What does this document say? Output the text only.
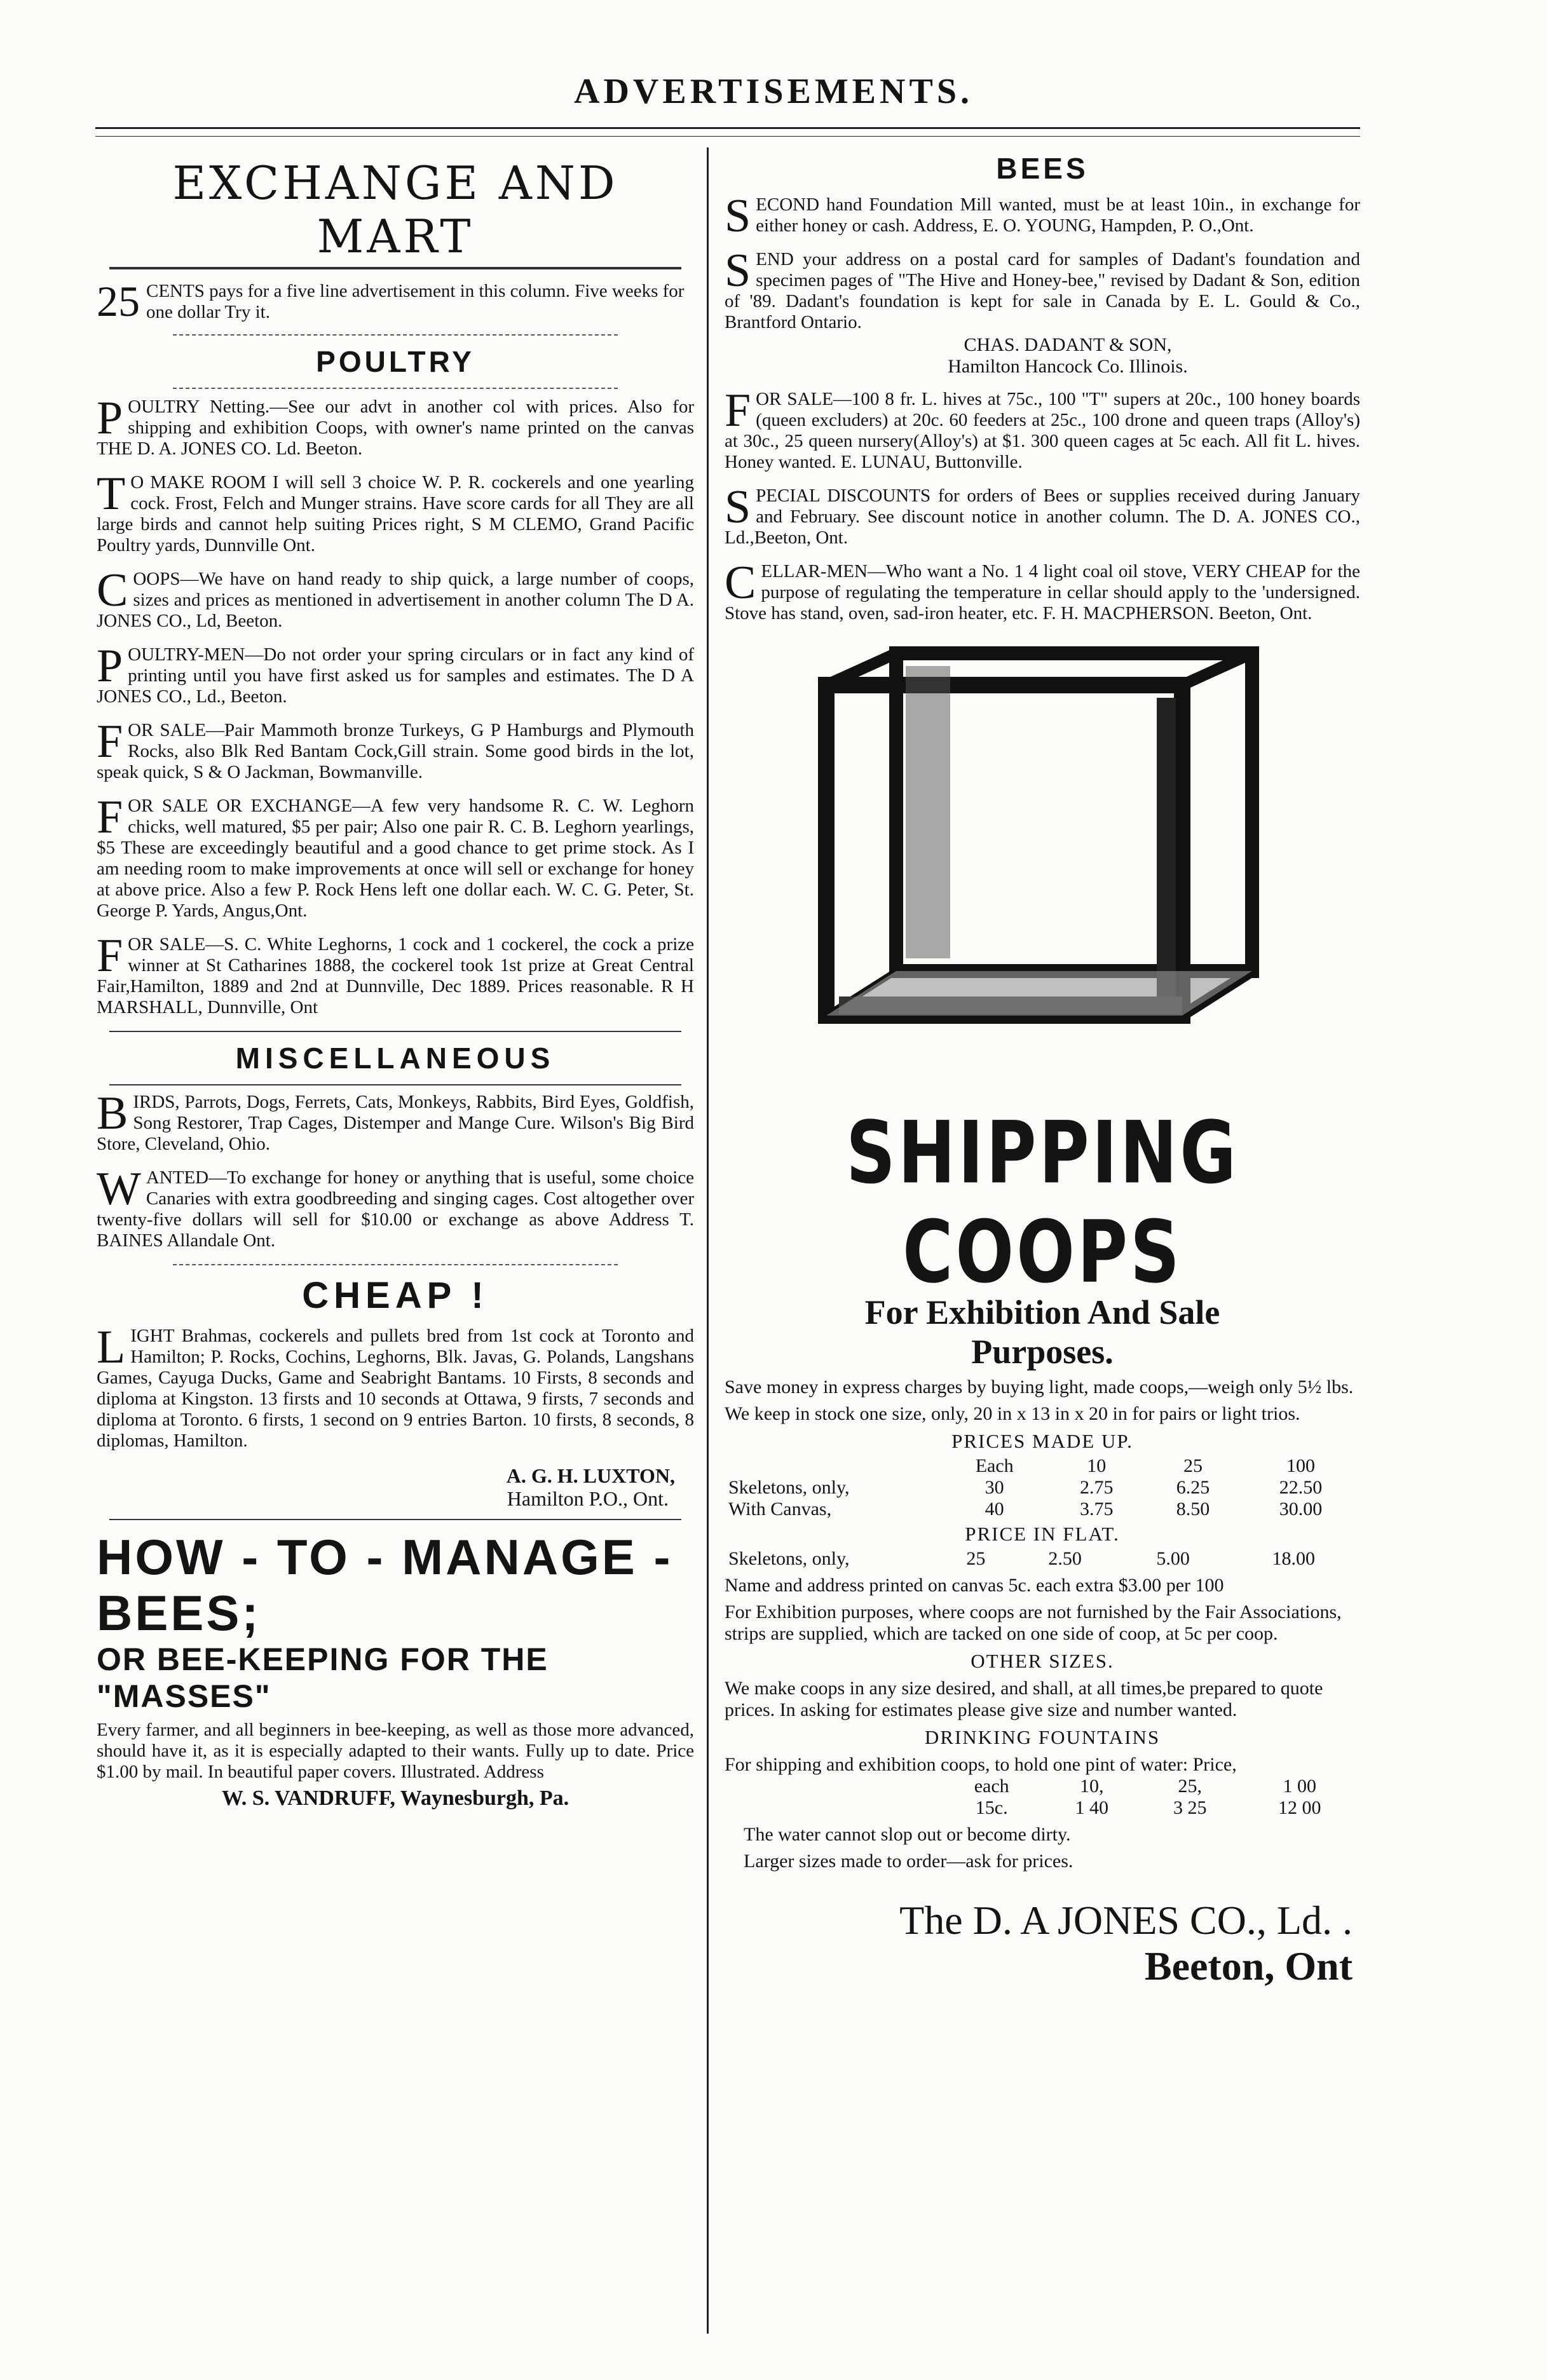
ADVERTISEMENTS.
EXCHANGE AND MART
25 CENTS pays for a five line advertisement in this column. Five weeks for one dollar Try it.
POULTRY
POULTRY Netting.—See our advt in another col with prices. Also for shipping and exhibition Coops, with owner's name printed on the canvas THE D. A. JONES CO. Ld. Beeton.
T O MAKE ROOM I will sell 3 choice W. P. R. cockerels and one yearling cock. Frost, Felch and Munger strains. Have score cards for all They are all large birds and cannot help suiting Prices right, S M CLEMO, Grand Pacific Poultry yards, Dunnville Ont.
COOPS—We have on hand ready to ship quick, a large number of coops, sizes and prices as mentioned in advertisement in another column The D A. JONES CO., Ld, Beeton.
POULTRY-MEN—Do not order your spring circulars or in fact any kind of printing until you have first asked us for samples and estimates. The D A JONES CO., Ld., Beeton.
FOR SALE—Pair Mammoth bronze Turkeys, G P Hamburgs and Plymouth Rocks, also Blk Red Bantam Cock,Gill strain. Some good birds in the lot, speak quick, S & O Jackman, Bowmanville.
FOR SALE OR EXCHANGE—A few very handsome R. C. W. Leghorn chicks, well matured, $5 per pair; Also one pair R. C. B. Leghorn yearlings, $5 These are exceedingly beautiful and a good chance to get prime stock. As I am needing room to make improvements at once will sell or exchange for honey at above price. Also a few P. Rock Hens left one dollar each. W. C. G. Peter, St. George P. Yards, Angus,Ont.
FOR SALE—S. C. White Leghorns, 1 cock and 1 cockerel, the cock a prize winner at St Catharines 1888, the cockerel took 1st prize at Great Central Fair,Hamilton, 1889 and 2nd at Dunnville, Dec 1889. Prices reasonable. R H MARSHALL, Dunnville, Ont
MISCELLANEOUS
BIRDS, Parrots, Dogs, Ferrets, Cats, Monkeys, Rabbits, Bird Eyes, Goldfish, Song Restorer, Trap Cages, Distemper and Mange Cure. Wilson's Big Bird Store, Cleveland, Ohio.
WANTED—To exchange for honey or anything that is useful, some choice Canaries with extra goodbreeding and singing cages. Cost altogether over twenty-five dollars will sell for $10.00 or exchange as above Address T. BAINES Allandale Ont.
CHEAP !
LIGHT Brahmas, cockerels and pullets bred from 1st cock at Toronto and Hamilton; P. Rocks, Cochins, Leghorns, Blk. Javas, G. Polands, Langshans Games, Cayuga Ducks, Game and Seabright Bantams. 10 Firsts, 8 seconds and diploma at Kingston. 13 firsts and 10 seconds at Ottawa, 9 firsts, 7 seconds and diploma at Toronto. 6 firsts, 1 second on 9 entries Barton. 10 firsts, 8 seconds, 8 diplomas, Hamilton.
A. G. H. LUXTON,
Hamilton P.O., Ont.
HOW - TO - MANAGE - BEES;
OR BEE-KEEPING FOR THE "MASSES"
Every farmer, and all beginners in bee-keeping, as well as those more advanced, should have it, as it is especially adapted to their wants. Fully up to date. Price $1.00 by mail. In beautiful paper covers. Illustrated. Address
W. S. VANDRUFF, Waynesburgh, Pa.
BEES
SECOND hand Foundation Mill wanted, must be at least 10in., in exchange for either honey or cash. Address, E. O. YOUNG, Hampden, P. O.,Ont.
SEND your address on a postal card for samples of Dadant's foundation and specimen pages of "The Hive and Honey-bee," revised by Dadant & Son, edition of '89. Dadant's foundation is kept for sale in Canada by E. L. Gould & Co., Brantford Ontario.
CHAS. DADANT & SON,
Hamilton Hancock Co. Illinois.
FOR SALE—100 8 fr. L. hives at 75c., 100 "T" supers at 20c., 100 honey boards (queen excluders) at 20c. 60 feeders at 25c., 100 drone and queen traps (Alloy's) at 30c., 25 queen nursery(Alloy's) at $1. 300 queen cages at 5c each. All fit L. hives. Honey wanted. E. LUNAU, Buttonville.
SPECIAL DISCOUNTS for orders of Bees or supplies received during January and February. See discount notice in another column. The D. A. JONES CO., Ld.,Beeton, Ont.
CELLAR-MEN—Who want a No. 1 4 light coal oil stove, VERY CHEAP for the purpose of regulating the temperature in cellar should apply to the 'undersigned. Stove has stand, oven, sad-iron heater, etc. F. H. MACPHERSON. Beeton, Ont.
SHIPPING COOPS
For Exhibition And Sale
Purposes.
Save money in express charges by buying light, made coops,—weigh only 5½ lbs.
We keep in stock one size, only, 20 in x 13 in x 20 in for pairs or light trios.
PRICES MADE UP.
	Each	10	25	100
Skeletons, only,	30	2.75	6.25	22.50
With Canvas,	40	3.75	8.50	30.00
PRICE IN FLAT.
Skeletons, only,	25	2.50	5.00	18.00
Name and address printed on canvas 5c. each extra $3.00 per 100
For Exhibition purposes, where coops are not furnished by the Fair Associations, strips are supplied, which are tacked on one side of coop, at 5c per coop.
OTHER SIZES.
We make coops in any size desired, and shall, at all times,be prepared to quote prices. In asking for estimates please give size and number wanted.
DRINKING FOUNTAINS
For shipping and exhibition coops, to hold one pint of water: Price,
	each	10,	25,	1 00
	15c.	1 40	3 25	12 00
The water cannot slop out or become dirty.
Larger sizes made to order—ask for prices.
The D. A JONES CO., Ld. .
Beeton, Ont
